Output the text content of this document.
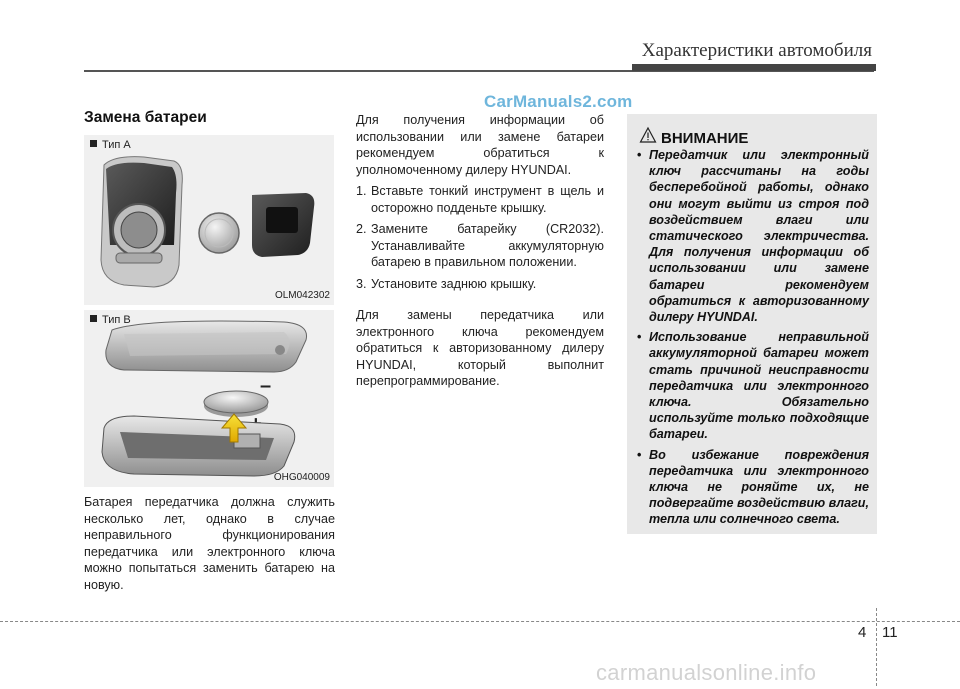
Характеристики автомобиля
CarManuals2.com
Замена батареи
Тип A
OLM042302
Тип B
–
OHG040009
Батарея передатчика должна служить несколько лет, однако в случае неправильного функционирования передатчика или электронного ключа можно попытаться заменить батарею на новую.
Для получения информации об использовании или замене батареи рекомендуем обратиться к уполномоченному дилеру HYUNDAI.
1. Вставьте тонкий инструмент в щель и осторожно подденьте крышку.
2. Замените батарейку (CR2032). Устанавливайте аккумуляторную батарею в правильном положении.
3. Установите заднюю крышку.
Для замены передатчика или электронного ключа рекомендуем обратиться к авторизованному дилеру HYUNDAI, который выполнит перепрограммирование.
ВНИМАНИЕ
• Передатчик или электронный ключ рассчитаны на годы бесперебойной работы, однако они могут выйти из строя под воздействием влаги или статического электричества. Для получения информации об использовании или замене батареи рекомендуем обратиться к авторизованному дилеру HYUNDAI.
• Использование неправильной аккумуляторной батареи может стать причиной неисправности передатчика или электронного ключа. Обязательно используйте только подходящие батареи.
• Во избежание повреждения передатчика или электронного ключа не роняйте их, не подвергайте воздействию влаги, тепла или солнечного света.
4 11
carmanualsonline.info
